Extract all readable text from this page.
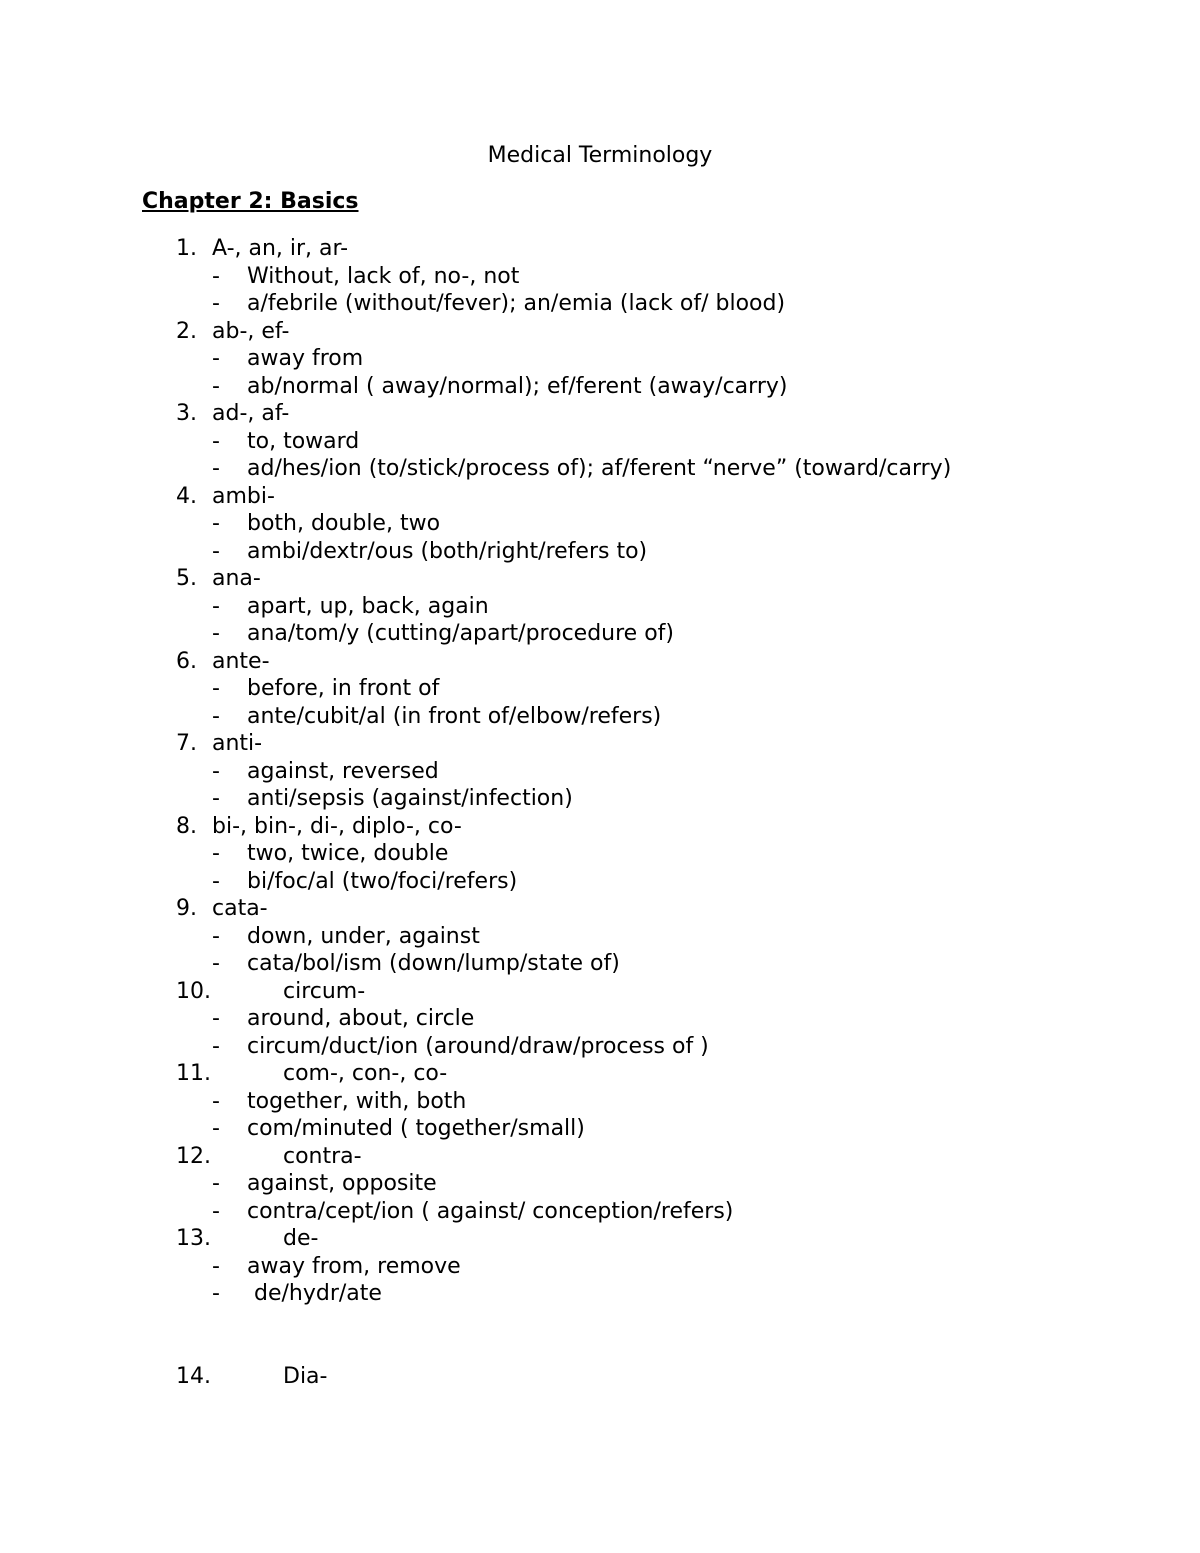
Medical Terminology
Chapter 2: Basics
1. A-, an, ir, ar-
- Without, lack of, no-, not
- a/febrile (without/fever); an/emia (lack of/ blood)
2. ab-, ef-
- away from
- ab/normal ( away/normal); ef/ferent (away/carry)
3. ad-, af-
- to, toward
- ad/hes/ion (to/stick/process of); af/ferent “nerve” (toward/carry)
4. ambi-
- both, double, two
- ambi/dextr/ous (both/right/refers to)
5. ana-
- apart, up, back, again
- ana/tom/y (cutting/apart/procedure of)
6. ante-
- before, in front of
- ante/cubit/al (in front of/elbow/refers)
7. anti-
- against, reversed
- anti/sepsis (against/infection)
8. bi-, bin-, di-, diplo-, co-
- two, twice, double
- bi/foc/al (two/foci/refers)
9. cata-
- down, under, against
- cata/bol/ism (down/lump/state of)
10.	circum-
- around, about, circle
- circum/duct/ion (around/draw/process of )
11.	com-, con-, co-
- together, with, both
- com/minuted ( together/small)
12.	contra-
- against, opposite
- contra/cept/ion ( against/ conception/refers)
13.	de-
- away from, remove
- de/hydr/ate
14.	Dia-
